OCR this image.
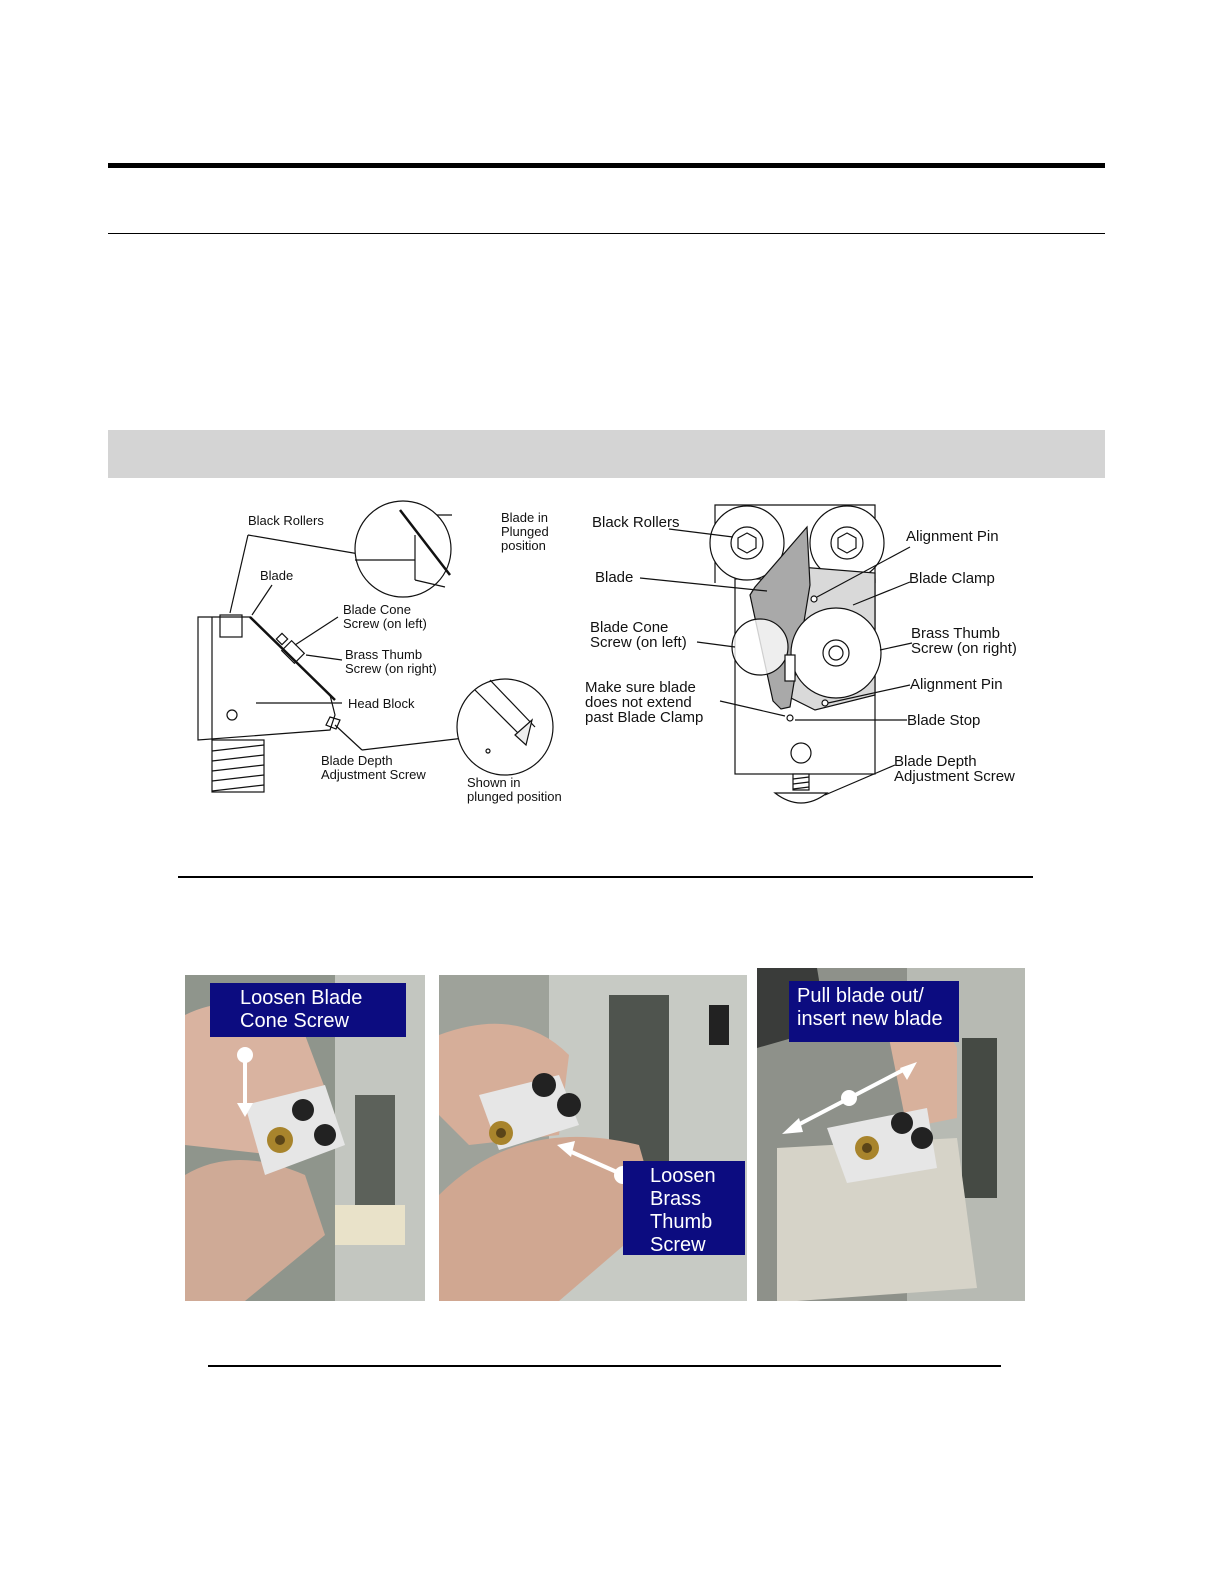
Black Rollers
Blade
Blade in
Plunged
position
Blade Cone
Screw (on left)
Brass Thumb
Screw (on right)
Head Block
Blade Depth
Adjustment Screw
Shown in
plunged position
Black Rollers
Alignment Pin
Blade	Blade Clamp
Blade Cone
Screw (on left)
Brass Thumb
Screw (on right)
Make sure blade
does not extend
past Blade Clamp
Alignment Pin
Blade Stop
Blade Depth
Adjustment Screw
Loosen Blade
Cone Screw
Loosen
Brass
Thumb
Screw
Pull blade out/
insert new blade
